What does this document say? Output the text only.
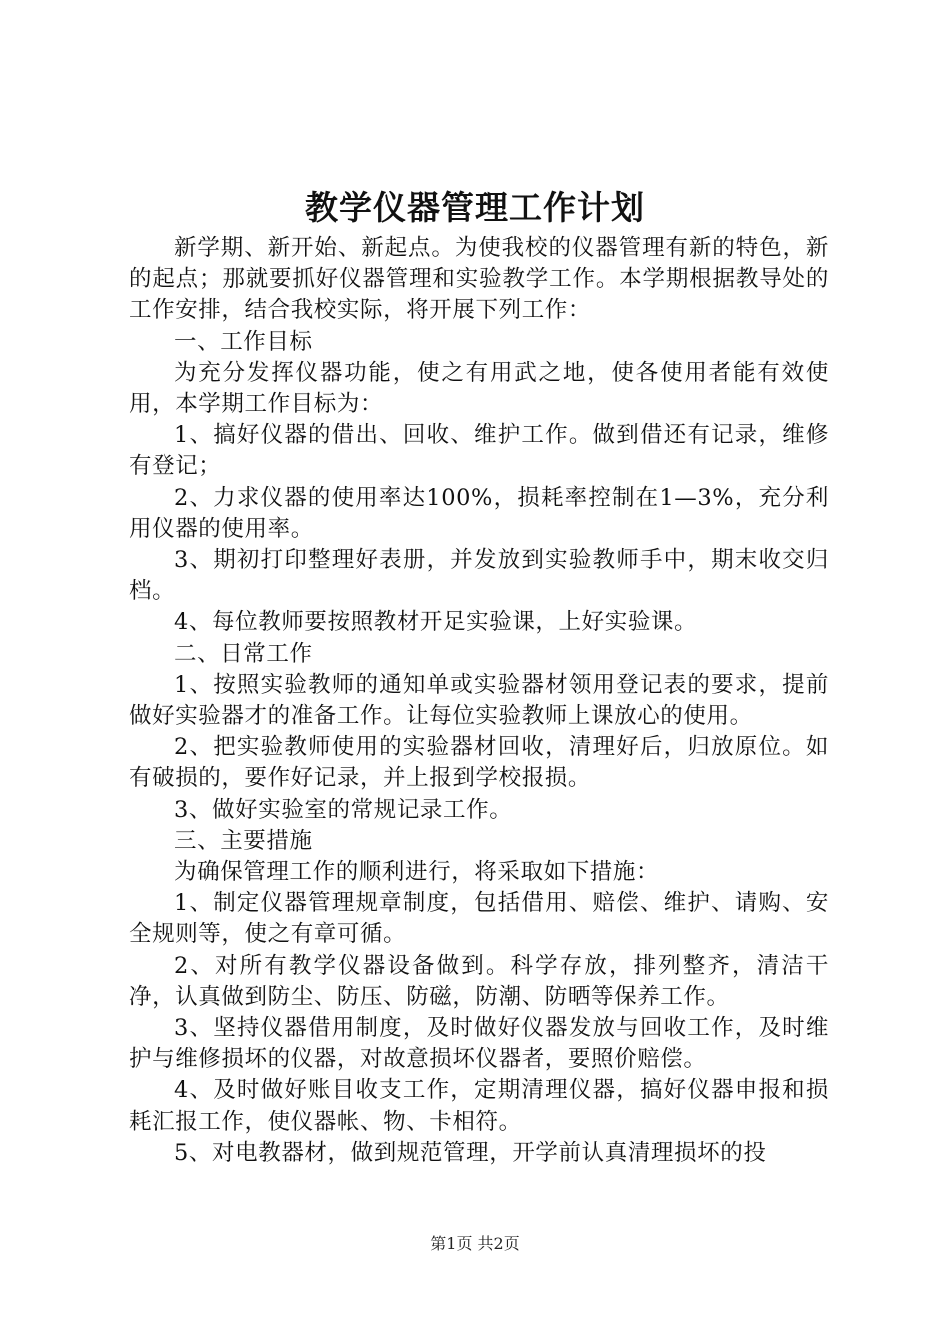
教学仪器管理工作计划

新学期、新开始、新起点。为使我校的仪器管理有新的特色，新的起点；那就要抓好仪器管理和实验教学工作。本学期根据教导处的工作安排，结合我校实际，将开展下列工作：

一、工作目标

为充分发挥仪器功能，使之有用武之地，使各使用者能有效使用，本学期工作目标为：

1、搞好仪器的借出、回收、维护工作。做到借还有记录，维修有登记；

2、力求仪器的使用率达100%，损耗率控制在1—3%，充分利用仪器的使用率。

3、期初打印整理好表册，并发放到实验教师手中，期末收交归档。

4、每位教师要按照教材开足实验课，上好实验课。

二、日常工作

1、按照实验教师的通知单或实验器材领用登记表的要求，提前做好实验器才的准备工作。让每位实验教师上课放心的使用。

2、把实验教师使用的实验器材回收，清理好后，归放原位。如有破损的，要作好记录，并上报到学校报损。

3、做好实验室的常规记录工作。

三、主要措施

为确保管理工作的顺利进行，将采取如下措施：

1、制定仪器管理规章制度，包括借用、赔偿、维护、请购、安全规则等，使之有章可循。

2、对所有教学仪器设备做到。科学存放，排列整齐，清洁干净，认真做到防尘、防压、防磁，防潮、防晒等保养工作。

3、坚持仪器借用制度，及时做好仪器发放与回收工作，及时维护与维修损坏的仪器，对故意损坏仪器者，要照价赔偿。

4、及时做好账目收支工作，定期清理仪器，搞好仪器申报和损耗汇报工作，使仪器帐、物、卡相符。

5、对电教器材，做到规范管理，开学前认真清理损坏的投

第1页 共2页
